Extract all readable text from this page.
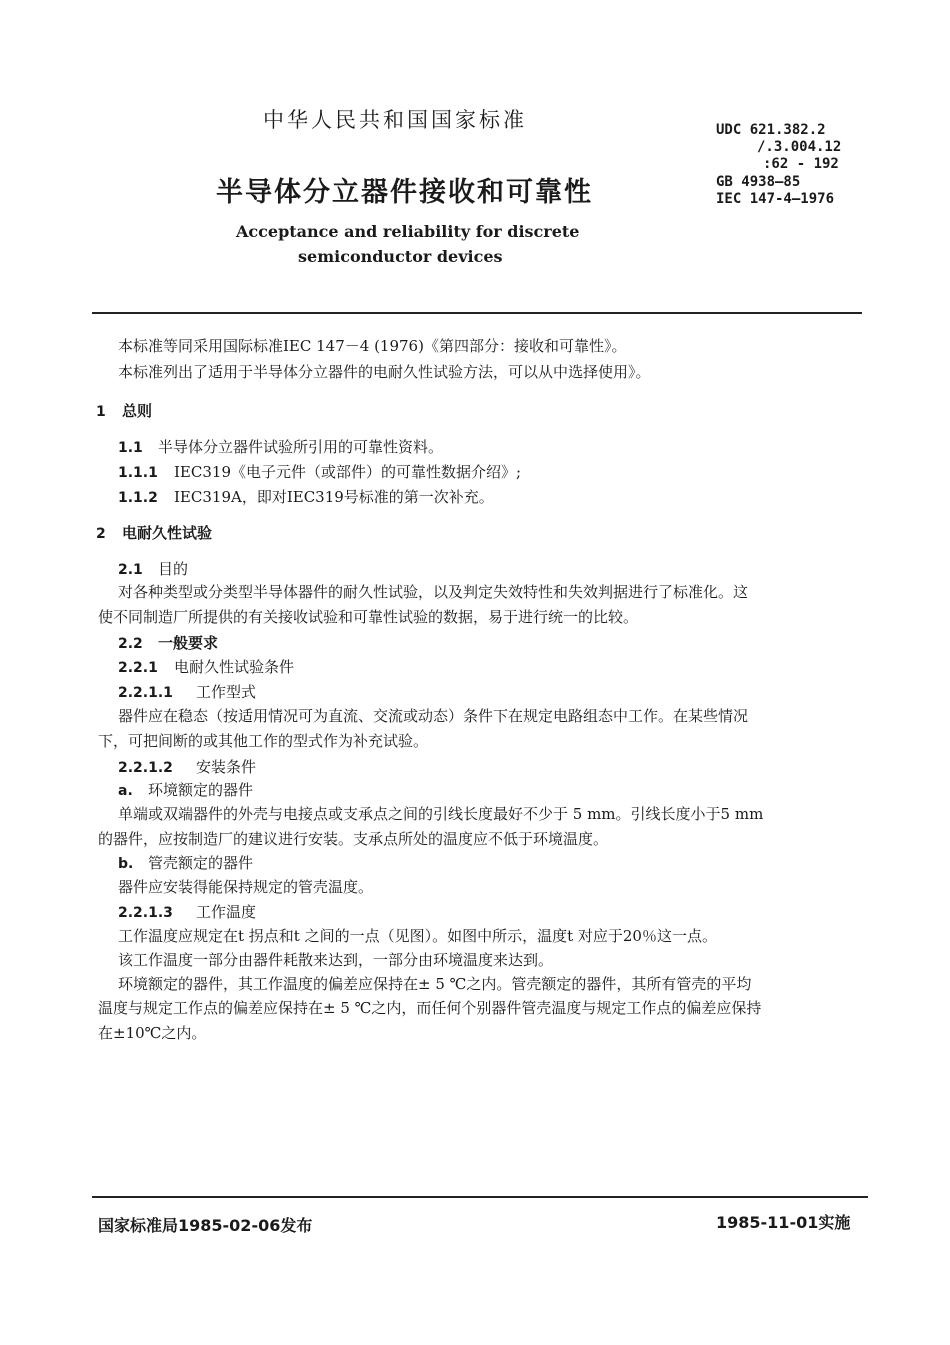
中华人民共和国国家标准
半导体分立器件接收和可靠性
Acceptance and reliability for discrete
semiconductor devices
UDC 621.382.2
/.3.004.12
:62 - 192
GB 4938—85
IEC 147-4—1976
本标准等同采用国际标准IEC 147－4 (1976)《第四部分：接收和可靠性》。
本标准列出了适用于半导体分立器件的电耐久性试验方法，可以从中选择使用》。
1 总则
1.1 半导体分立器件试验所引用的可靠性资料。
1.1.1 IEC319《电子元件（或部件）的可靠性数据介绍》;
1.1.2 IEC319A，即对IEC319号标准的第一次补充。
2 电耐久性试验
2.1 目的
对各种类型或分类型半导体器件的耐久性试验，以及判定失效特性和失效判据进行了标准化。这
使不同制造厂所提供的有关接收试验和可靠性试验的数据，易于进行统一的比较。
2.2 一般要求
2.2.1 电耐久性试验条件
2.2.1.1 工作型式
器件应在稳态（按适用情况可为直流、交流或动态）条件下在规定电路组态中工作。在某些情况
下，可把间断的或其他工作的型式作为补充试验。
2.2.1.2 安装条件
a. 环境额定的器件
单端或双端器件的外壳与电接点或支承点之间的引线长度最好不少于 5 mm。引线长度小于5 mm
的器件，应按制造厂的建议进行安装。支承点所处的温度应不低于环境温度。
b. 管壳额定的器件
器件应安装得能保持规定的管壳温度。
2.2.1.3 工作温度
工作温度应规定在t 拐点和t 之间的一点（见图）。如图中所示，温度t 对应于20％这一点。
该工作温度一部分由器件耗散来达到，一部分由环境温度来达到。
环境额定的器件，其工作温度的偏差应保持在± 5 ℃之内。管壳额定的器件，其所有管壳的平均
温度与规定工作点的偏差应保持在± 5 ℃之内，而任何个别器件管壳温度与规定工作点的偏差应保持
在±10℃之内。
国家标准局1985-02-06发布	1985-11-01实施
